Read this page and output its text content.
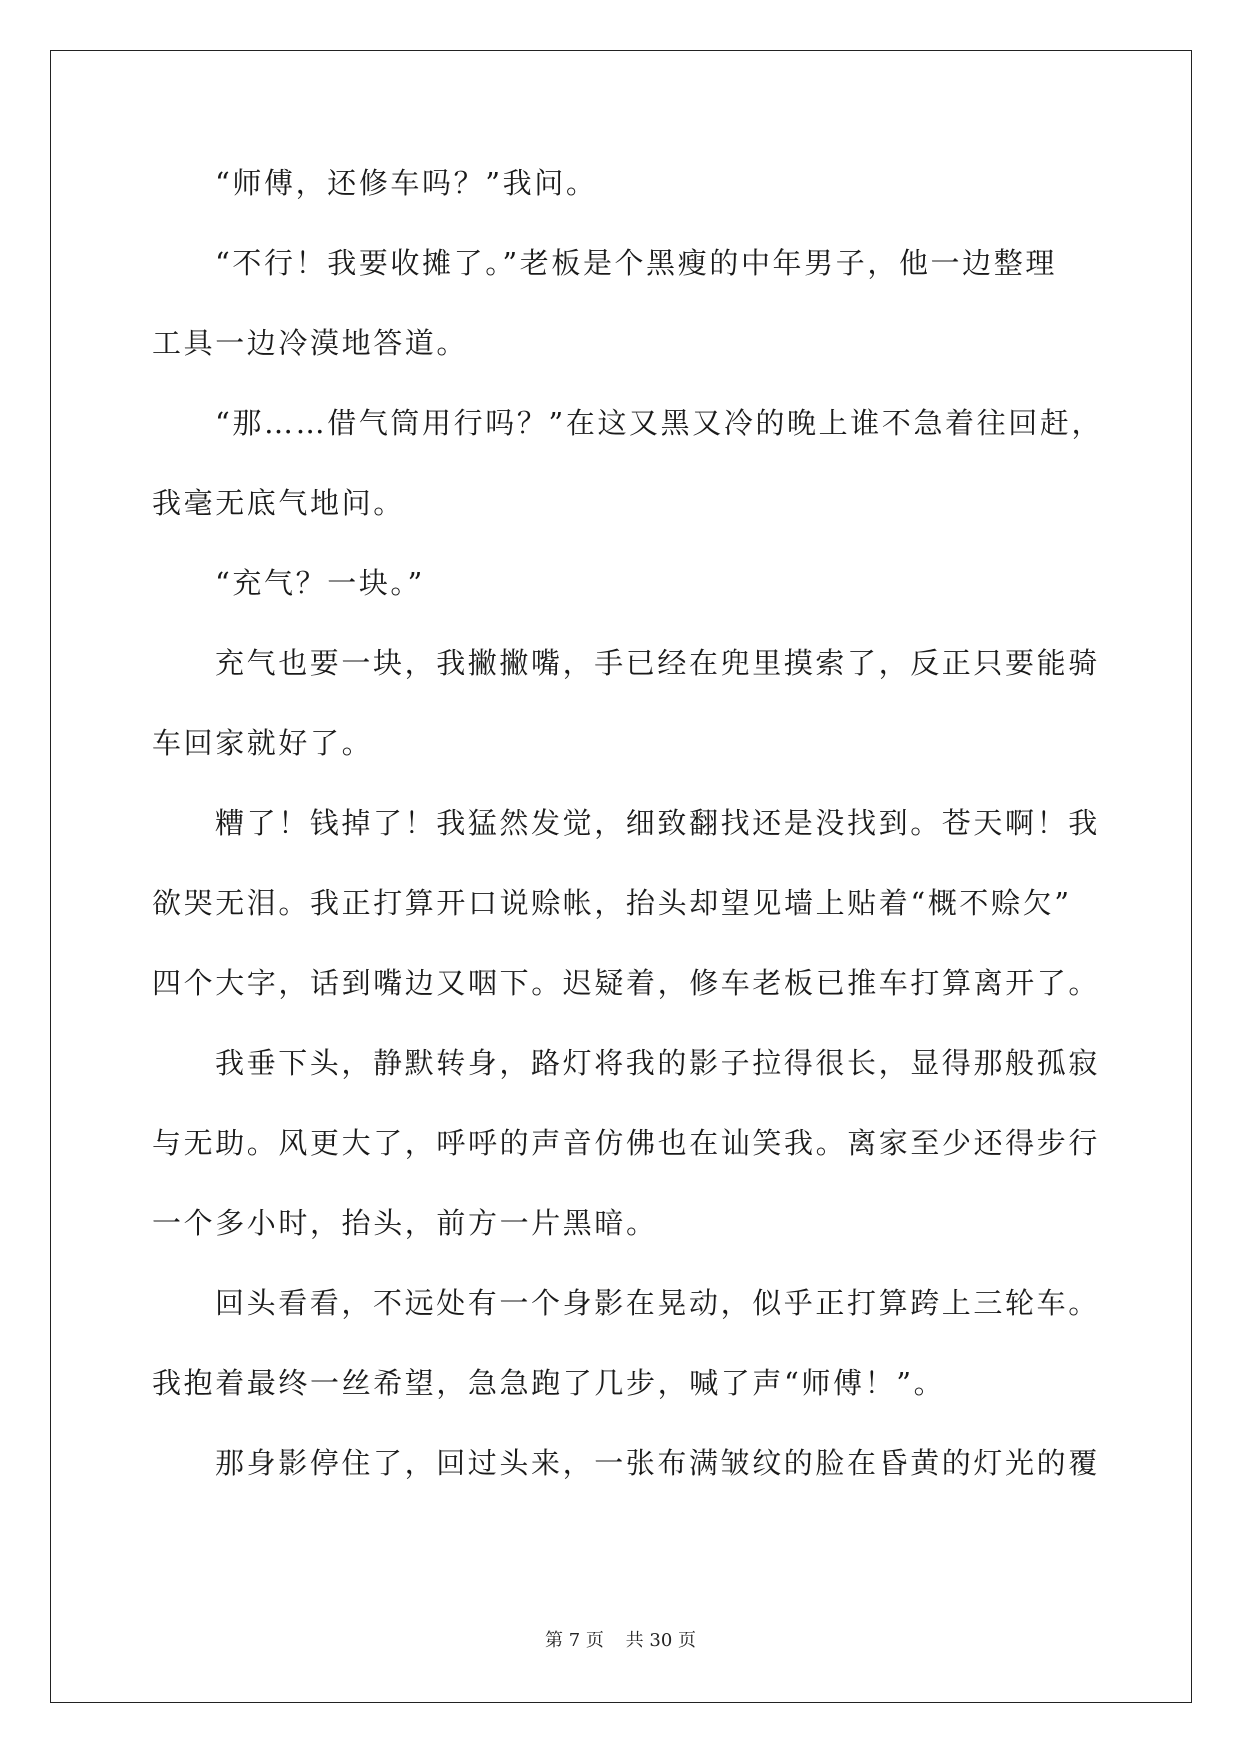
“师傅，还修车吗？”我问。
“不行！我要收摊了。”老板是个黑瘦的中年男子，他一边整理
工具一边冷漠地答道。
“那……借气筒用行吗？”在这又黑又冷的晚上谁不急着往回赶，
我毫无底气地问。
“充气？一块。”
充气也要一块，我撇撇嘴，手已经在兜里摸索了，反正只要能骑
车回家就好了。
糟了！钱掉了！我猛然发觉，细致翻找还是没找到。苍天啊！我
欲哭无泪。我正打算开口说赊帐，抬头却望见墙上贴着“概不赊欠”
四个大字，话到嘴边又咽下。迟疑着，修车老板已推车打算离开了。
我垂下头，静默转身，路灯将我的影子拉得很长，显得那般孤寂
与无助。风更大了，呼呼的声音仿佛也在讪笑我。离家至少还得步行
一个多小时，抬头，前方一片黑暗。
回头看看，不远处有一个身影在晃动，似乎正打算跨上三轮车。
我抱着最终一丝希望，急急跑了几步，喊了声“师傅！”。
那身影停住了，回过头来，一张布满皱纹的脸在昏黄的灯光的覆
第 7 页 共 30 页
